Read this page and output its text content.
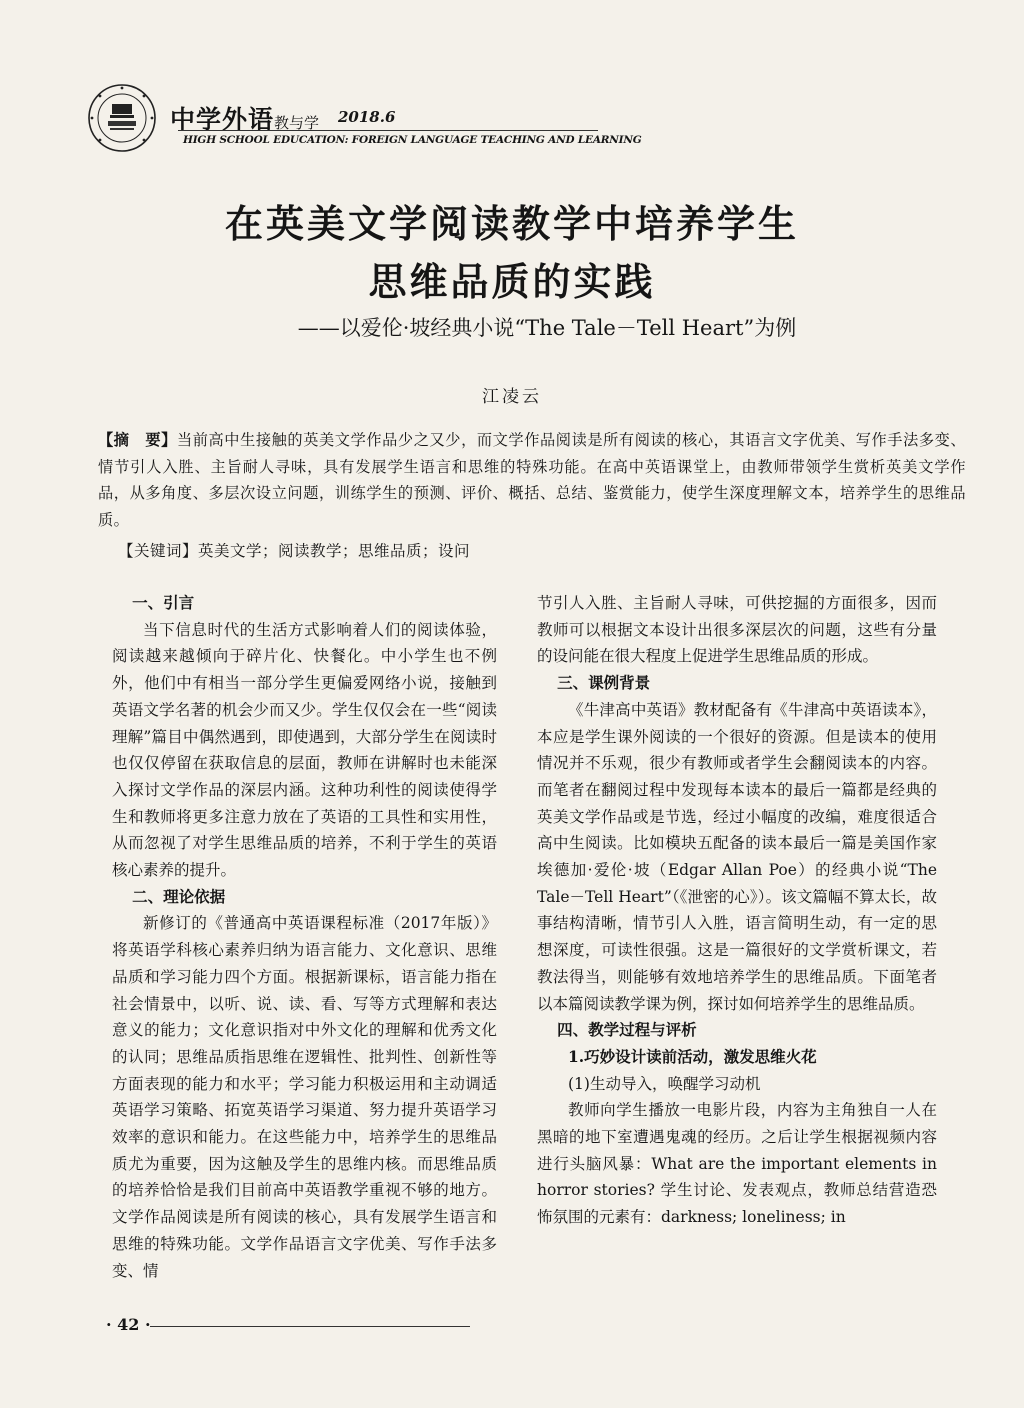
中学外语教与学 2018.6
HIGH SCHOOL EDUCATION: FOREIGN LANGUAGE TEACHING AND LEARNING
在英美文学阅读教学中培养学生
思维品质的实践
——以爱伦·坡经典小说“The Tale－Tell Heart”为例
江凌云
【摘　要】当前高中生接触的英美文学作品少之又少，而文学作品阅读是所有阅读的核心，其语言文字优美、写作手法多变、情节引人入胜、主旨耐人寻味，具有发展学生语言和思维的特殊功能。在高中英语课堂上，由教师带领学生赏析英美文学作品，从多角度、多层次设立问题，训练学生的预测、评价、概括、总结、鉴赏能力，使学生深度理解文本，培养学生的思维品质。
【关键词】英美文学；阅读教学；思维品质；设问
一、引言

当下信息时代的生活方式影响着人们的阅读体验，阅读越来越倾向于碎片化、快餐化。中小学生也不例外，他们中有相当一部分学生更偏爱网络小说，接触到英语文学名著的机会少而又少。学生仅仅会在一些“阅读理解”篇目中偶然遇到，即使遇到，大部分学生在阅读时也仅仅停留在获取信息的层面，教师在讲解时也未能深入探讨文学作品的深层内涵。这种功利性的阅读使得学生和教师将更多注意力放在了英语的工具性和实用性，从而忽视了对学生思维品质的培养，不利于学生的英语核心素养的提升。

二、理论依据

新修订的《普通高中英语课程标准（2017年版）》将英语学科核心素养归纳为语言能力、文化意识、思维品质和学习能力四个方面。根据新课标，语言能力指在社会情景中，以听、说、读、看、写等方式理解和表达意义的能力；文化意识指对中外文化的理解和优秀文化的认同；思维品质指思维在逻辑性、批判性、创新性等方面表现的能力和水平；学习能力积极运用和主动调适英语学习策略、拓宽英语学习渠道、努力提升英语学习效率的意识和能力。在这些能力中，培养学生的思维品质尤为重要，因为这触及学生的思维内核。而思维品质的培养恰恰是我们目前高中英语教学重视不够的地方。文学作品阅读是所有阅读的核心，具有发展学生语言和思维的特殊功能。文学作品语言文字优美、写作手法多变、情

节引人入胜、主旨耐人寻味，可供挖掘的方面很多，因而教师可以根据文本设计出很多深层次的问题，这些有分量的设问能在很大程度上促进学生思维品质的形成。

三、课例背景

《牛津高中英语》教材配备有《牛津高中英语读本》，本应是学生课外阅读的一个很好的资源。但是读本的使用情况并不乐观，很少有教师或者学生会翻阅读本的内容。而笔者在翻阅过程中发现每本读本的最后一篇都是经典的英美文学作品或是节选，经过小幅度的改编，难度很适合高中生阅读。比如模块五配备的读本最后一篇是美国作家埃德加·爱伦·坡（Edgar Allan Poe）的经典小说“The Tale－Tell Heart”（《泄密的心》）。该文篇幅不算太长，故事结构清晰，情节引人入胜，语言简明生动，有一定的思想深度，可读性很强。这是一篇很好的文学赏析课文，若教法得当，则能够有效地培养学生的思维品质。下面笔者以本篇阅读教学课为例，探讨如何培养学生的思维品质。

四、教学过程与评析
1.巧妙设计读前活动，激发思维火花
(1)生动导入，唤醒学习动机

教师向学生播放一电影片段，内容为主角独自一人在黑暗的地下室遭遇鬼魂的经历。之后让学生根据视频内容进行头脑风暴：What are the important elements in horror stories? 学生讨论、发表观点，教师总结营造恐怖氛围的元素有：darkness; loneliness; in

· 42 ·
